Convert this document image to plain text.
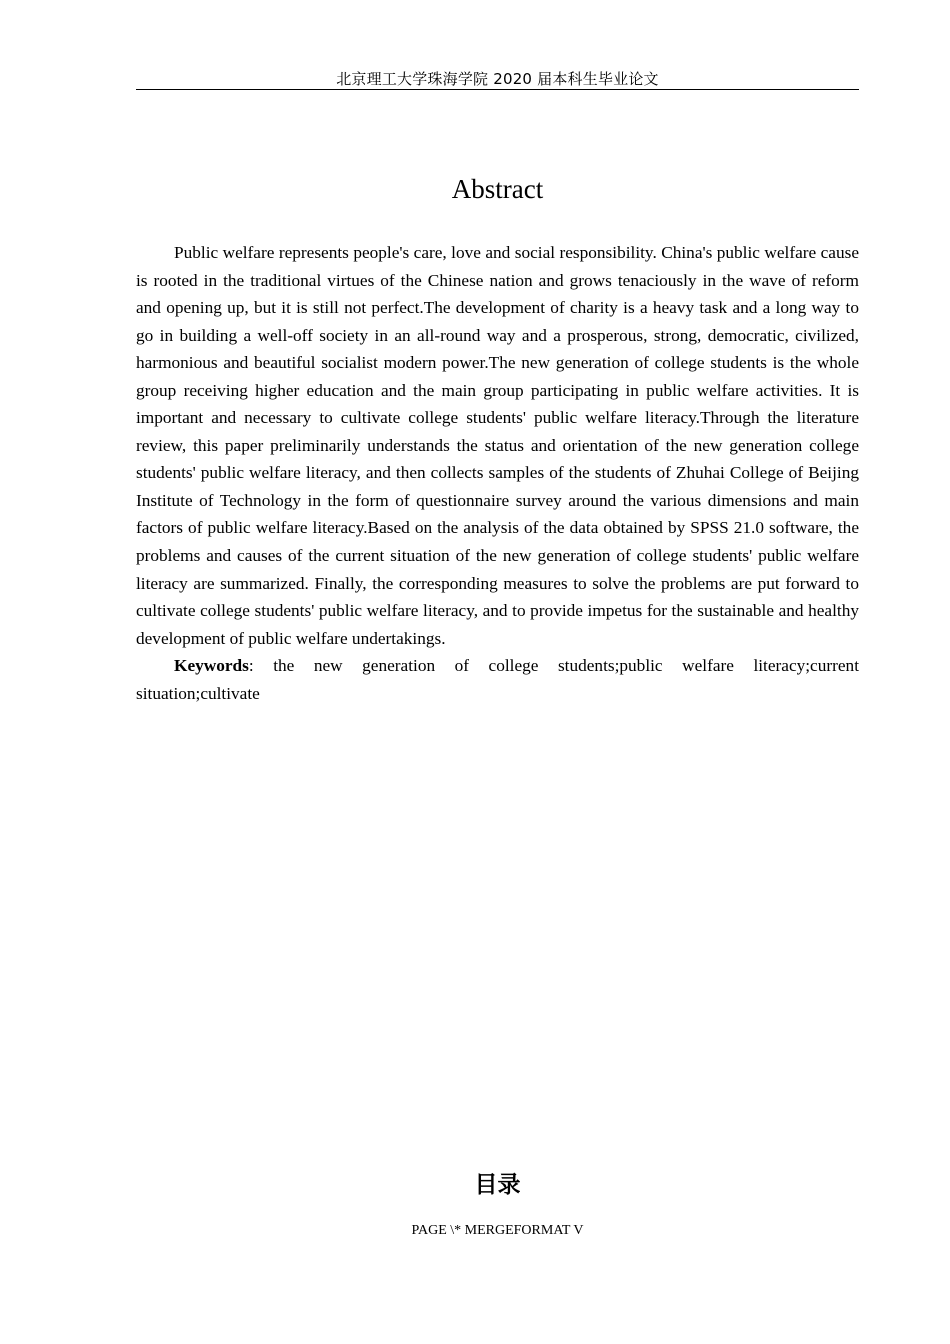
北京理工大学珠海学院 2020 届本科生毕业论文
Abstract

Public welfare represents people's care, love and social responsibility. China's public welfare cause is rooted in the traditional virtues of the Chinese nation and grows tenaciously in the wave of reform and opening up, but it is still not perfect.The development of charity is a heavy task and a long way to go in building a well-off society in an all-round way and a prosperous, strong, democratic, civilized, harmonious and beautiful socialist modern power.The new generation of college students is the whole group receiving higher education and the main group participating in public welfare activities. It is important and necessary to cultivate college students' public welfare literacy.Through the literature review, this paper preliminarily understands the status and orientation of the new generation college students' public welfare literacy, and then collects samples of the students of Zhuhai College of Beijing Institute of Technology in the form of questionnaire survey around the various dimensions and main factors of public welfare literacy.Based on the analysis of the data obtained by SPSS 21.0 software, the problems and causes of the current situation of the new generation of college students' public welfare literacy are summarized. Finally, the corresponding measures to solve the problems are put forward to cultivate college students' public welfare literacy, and to provide impetus for the sustainable and healthy development of public welfare undertakings.

Keywords: the new generation of college students;public welfare literacy;current situation;cultivate

目录
PAGE \* MERGEFORMAT V
